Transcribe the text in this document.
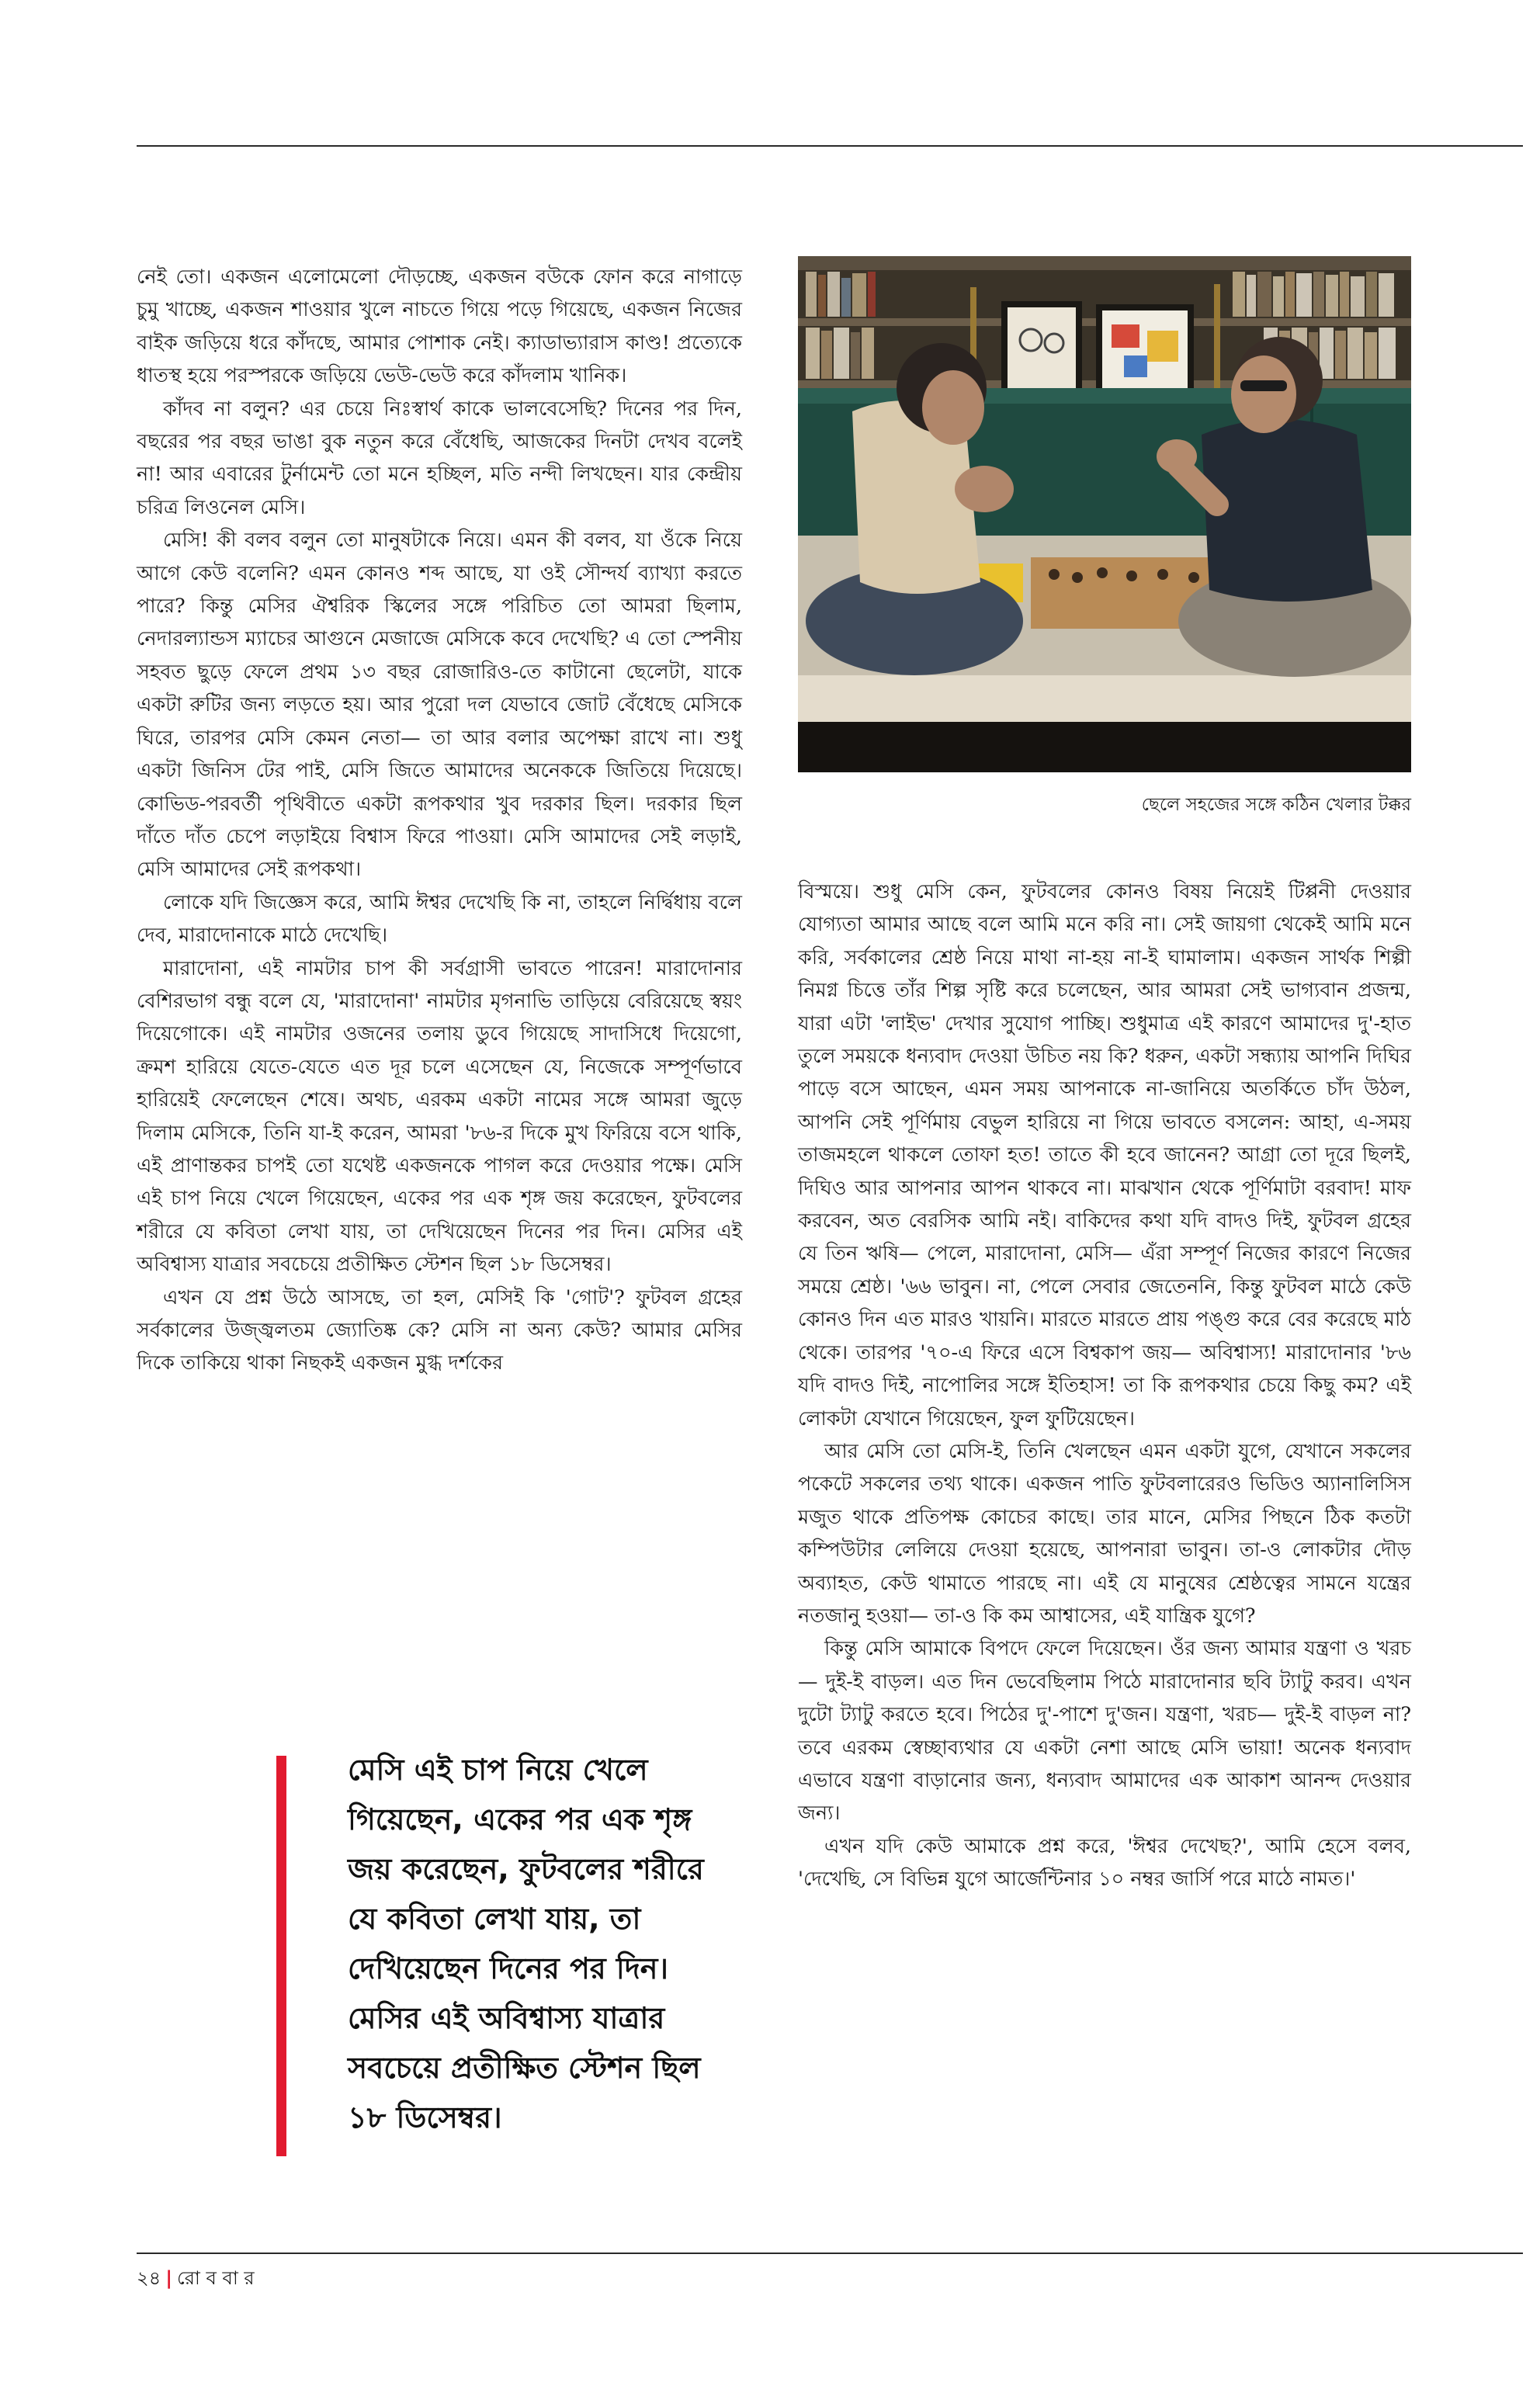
নেই তো। একজন এলোমেলো দৌড়চ্ছে, একজন বউকে ফোন করে নাগাড়ে চুমু খাচ্ছে, একজন শাওয়ার খুলে নাচতে গিয়ে পড়ে গিয়েছে, একজন নিজের বাইক জড়িয়ে ধরে কাঁদছে, আমার পোশাক নেই। ক্যাডাভ্যারাস কাণ্ড! প্রত্যেকে ধাতস্থ হয়ে পরস্পরকে জড়িয়ে ভেউ-ভেউ করে কাঁদলাম খানিক।

কাঁদব না বলুন? এর চেয়ে নিঃস্বার্থ কাকে ভালবেসেছি? দিনের পর দিন, বছরের পর বছর ভাঙা বুক নতুন করে বেঁধেছি, আজকের দিনটা দেখব বলেই না! আর এবারের টুর্নামেন্ট তো মনে হচ্ছিল, মতি নন্দী লিখছেন। যার কেন্দ্রীয় চরিত্র লিওনেল মেসি।

মেসি! কী বলব বলুন তো মানুষটাকে নিয়ে। এমন কী বলব, যা ওঁকে নিয়ে আগে কেউ বলেনি? এমন কোনও শব্দ আছে, যা ওই সৌন্দর্য ব্যাখ্যা করতে পারে? কিন্তু মেসির ঐশ্বরিক স্কিলের সঙ্গে পরিচিত তো আমরা ছিলাম, নেদারল্যান্ডস ম্যাচের আগুনে মেজাজে মেসিকে কবে দেখেছি? এ তো স্পেনীয় সহবত ছুড়ে ফেলে প্রথম ১৩ বছর রোজারিও-তে কাটানো ছেলেটা, যাকে একটা রুটির জন্য লড়তে হয়। আর পুরো দল যেভাবে জোট বেঁধেছে মেসিকে ঘিরে, তারপর মেসি কেমন নেতা— তা আর বলার অপেক্ষা রাখে না। শুধু একটা জিনিস টের পাই, মেসি জিতে আমাদের অনেককে জিতিয়ে দিয়েছে। কোভিড-পরবর্তী পৃথিবীতে একটা রূপকথার খুব দরকার ছিল। দরকার ছিল দাঁতে দাঁত চেপে লড়াইয়ে বিশ্বাস ফিরে পাওয়া। মেসি আমাদের সেই লড়াই, মেসি আমাদের সেই রূপকথা।

লোকে যদি জিজ্ঞেস করে, আমি ঈশ্বর দেখেছি কি না, তাহলে নির্দ্বিধায় বলে দেব, মারাদোনাকে মাঠে দেখেছি।

মারাদোনা, এই নামটার চাপ কী সর্বগ্রাসী ভাবতে পারেন! মারাদোনার বেশিরভাগ বন্ধু বলে যে, 'মারাদোনা' নামটার মৃগনাভি তাড়িয়ে বেরিয়েছে স্বয়ং দিয়েগোকে। এই নামটার ওজনের তলায় ডুবে গিয়েছে সাদাসিধে দিয়েগো, ক্রমশ হারিয়ে যেতে-যেতে এত দূর চলে এসেছেন যে, নিজেকে সম্পূর্ণভাবে হারিয়েই ফেলেছেন শেষে। অথচ, এরকম একটা নামের সঙ্গে আমরা জুড়ে দিলাম মেসিকে, তিনি যা-ই করেন, আমরা '৮৬-র দিকে মুখ ফিরিয়ে বসে থাকি, এই প্রাণান্তকর চাপই তো যথেষ্ট একজনকে পাগল করে দেওয়ার পক্ষে। মেসি এই চাপ নিয়ে খেলে গিয়েছেন, একের পর এক শৃঙ্গ জয় করেছেন, ফুটবলের শরীরে যে কবিতা লেখা যায়, তা দেখিয়েছেন দিনের পর দিন। মেসির এই অবিশ্বাস্য যাত্রার সবচেয়ে প্রতীক্ষিত স্টেশন ছিল ১৮ ডিসেম্বর।

এখন যে প্রশ্ন উঠে আসছে, তা হল, মেসিই কি 'গোট'? ফুটবল গ্রহের সর্বকালের উজ্জ্বলতম জ্যোতিষ্ক কে? মেসি না অন্য কেউ? আমার মেসির দিকে তাকিয়ে থাকা নিছকই একজন মুগ্ধ দর্শকের

ছেলে সহজের সঙ্গে কঠিন খেলার টক্কর

বিস্ময়ে। শুধু মেসি কেন, ফুটবলের কোনও বিষয় নিয়েই টিপ্পনী দেওয়ার যোগ্যতা আমার আছে বলে আমি মনে করি না। সেই জায়গা থেকেই আমি মনে করি, সর্বকালের শ্রেষ্ঠ নিয়ে মাথা না-হয় না-ই ঘামালাম। একজন সার্থক শিল্পী নিমগ্ন চিত্তে তাঁর শিল্প সৃষ্টি করে চলেছেন, আর আমরা সেই ভাগ্যবান প্রজন্ম, যারা এটা 'লাইভ' দেখার সুযোগ পাচ্ছি। শুধুমাত্র এই কারণে আমাদের দু'-হাত তুলে সময়কে ধন্যবাদ দেওয়া উচিত নয় কি? ধরুন, একটা সন্ধ্যায় আপনি দিঘির পাড়ে বসে আছেন, এমন সময় আপনাকে না-জানিয়ে অতর্কিতে চাঁদ উঠল, আপনি সেই পূর্ণিমায় বেভুল হারিয়ে না গিয়ে ভাবতে বসলেন: আহা, এ-সময় তাজমহলে থাকলে তোফা হত! তাতে কী হবে জানেন? আগ্রা তো দূরে ছিলই, দিঘিও আর আপনার আপন থাকবে না। মাঝখান থেকে পূর্ণিমাটা বরবাদ! মাফ করবেন, অত বেরসিক আমি নই। বাকিদের কথা যদি বাদও দিই, ফুটবল গ্রহের যে তিন ঋষি— পেলে, মারাদোনা, মেসি— এঁরা সম্পূর্ণ নিজের কারণে নিজের সময়ে শ্রেষ্ঠ। '৬৬ ভাবুন। না, পেলে সেবার জেতেননি, কিন্তু ফুটবল মাঠে কেউ কোনও দিন এত মারও খায়নি। মারতে মারতে প্রায় পঙ্গু করে বের করেছে মাঠ থেকে। তারপর '৭০-এ ফিরে এসে বিশ্বকাপ জয়— অবিশ্বাস্য! মারাদোনার '৮৬ যদি বাদও দিই, নাপোলির সঙ্গে ইতিহাস! তা কি রূপকথার চেয়ে কিছু কম? এই লোকটা যেখানে গিয়েছেন, ফুল ফুটিয়েছেন।

আর মেসি তো মেসি-ই, তিনি খেলছেন এমন একটা যুগে, যেখানে সকলের পকেটে সকলের তথ্য থাকে। একজন পাতি ফুটবলারেরও ভিডিও অ্যানালিসিস মজুত থাকে প্রতিপক্ষ কোচের কাছে। তার মানে, মেসির পিছনে ঠিক কতটা কম্পিউটার লেলিয়ে দেওয়া হয়েছে, আপনারা ভাবুন। তা-ও লোকটার দৌড় অব্যাহত, কেউ থামাতে পারছে না। এই যে মানুষের শ্রেষ্ঠত্বের সামনে যন্ত্রের নতজানু হওয়া— তা-ও কি কম আশ্বাসের, এই যান্ত্রিক যুগে?

কিন্তু মেসি আমাকে বিপদে ফেলে দিয়েছেন। ওঁর জন্য আমার যন্ত্রণা ও খরচ— দুই-ই বাড়ল। এত দিন ভেবেছিলাম পিঠে মারাদোনার ছবি ট্যাটু করব। এখন দুটো ট্যাটু করতে হবে। পিঠের দু'-পাশে দু'জন। যন্ত্রণা, খরচ— দুই-ই বাড়ল না? তবে এরকম স্বেচ্ছাব্যথার যে একটা নেশা আছে মেসি ভায়া! অনেক ধন্যবাদ এভাবে যন্ত্রণা বাড়ানোর জন্য, ধন্যবাদ আমাদের এক আকাশ আনন্দ দেওয়ার জন্য।

এখন যদি কেউ আমাকে প্রশ্ন করে, 'ঈশ্বর দেখেছ?', আমি হেসে বলব, 'দেখেছি, সে বিভিন্ন যুগে আর্জেন্টিনার ১০ নম্বর জার্সি পরে মাঠে নামত।'

মেসি এই চাপ নিয়ে খেলে গিয়েছেন, একের পর এক শৃঙ্গ জয় করেছেন, ফুটবলের শরীরে যে কবিতা লেখা যায়, তা দেখিয়েছেন দিনের পর দিন। মেসির এই অবিশ্বাস্য যাত্রার সবচেয়ে প্রতীক্ষিত স্টেশন ছিল ১৮ ডিসেম্বর।
২৪ | রো ব বা র
